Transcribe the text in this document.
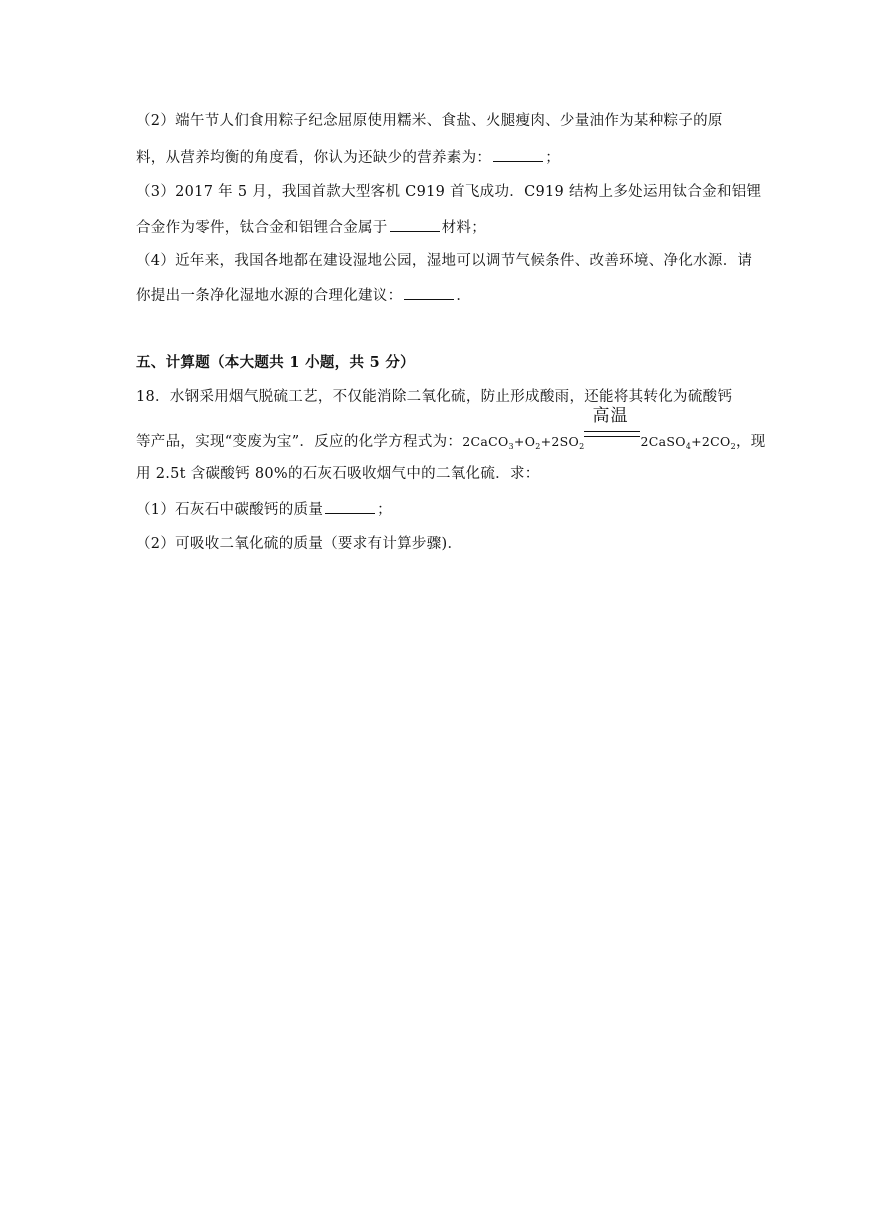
（2）端午节人们食用粽子纪念屈原使用糯米、食盐、火腿瘦肉、少量油作为某种粽子的原
料，从营养均衡的角度看，你认为还缺少的营养素为：	；
（3）2017 年 5 月，我国首款大型客机 C919 首飞成功．C919 结构上多处运用钛合金和铝锂
合金作为零件，钛合金和铝锂合金属于	材料；
（4）近年来，我国各地都在建设湿地公园，湿地可以调节气候条件、改善环境、净化水源．请
你提出一条净化湿地水源的合理化建议：	．
五、计算题（本大题共 1 小题，共 5 分）
18．水钢采用烟气脱硫工艺，不仅能消除二氧化硫，防止形成酸雨，还能将其转化为硫酸钙
等产品，实现“变废为宝”．反应的化学方程式为：$2CaCO_3+O_2+2SO_2$
高温
$2CaSO_4+2CO_2$，现
用 2.5t 含碳酸钙 80%的石灰石吸收烟气中的二氧化硫．求：
（1）石灰石中碳酸钙的质量	；
（2）可吸收二氧化硫的质量（要求有计算步骤)．
